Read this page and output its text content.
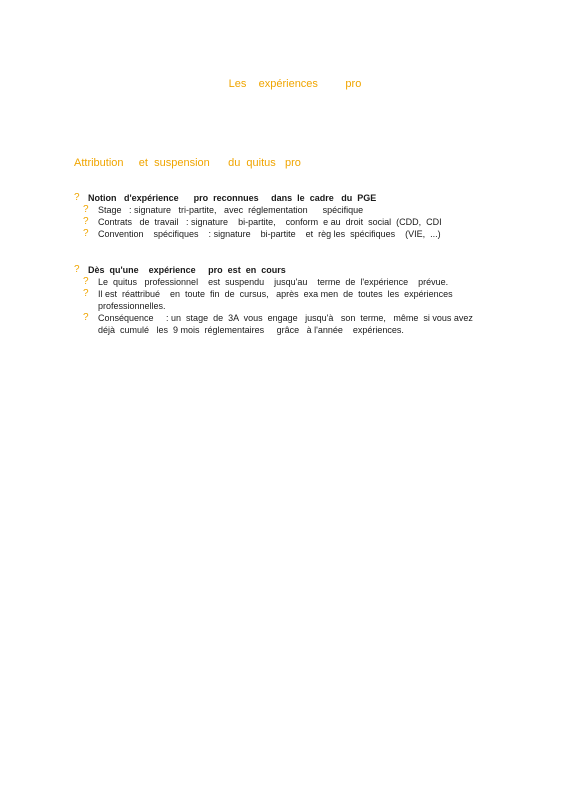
Les    expériences         pro
Attribution     et  suspension      du  quitus   pro
? Notion   d'expérience      pro  reconnues     dans  le  cadre   du  PGE
?	Stage   : signature   tri-partite,   avec  réglementation      spécifique
?	Contrats   de  travail   : signature    bi-partite,    conform  e au  droit  social  (CDD,  CDI
?	Convention    spécifiques    : signature    bi-partite    et  règ les  spécifiques    (VIE,  ...)
? Dès  qu'une    expérience     pro  est  en  cours
?	Le  quitus   professionnel    est  suspendu    jusqu'au    terme  de  l'expérience    prévue.
?	Il est  réattribué    en  toute  fin  de  cursus,   après  exa men  de  toutes  les  expériences professionnelles.
?	Conséquence     : un  stage  de  3A  vous  engage   jusqu'à   son  terme,   même  si vous avez  déjà  cumulé   les  9 mois  réglementaires     grâce   à l'année    expériences.
